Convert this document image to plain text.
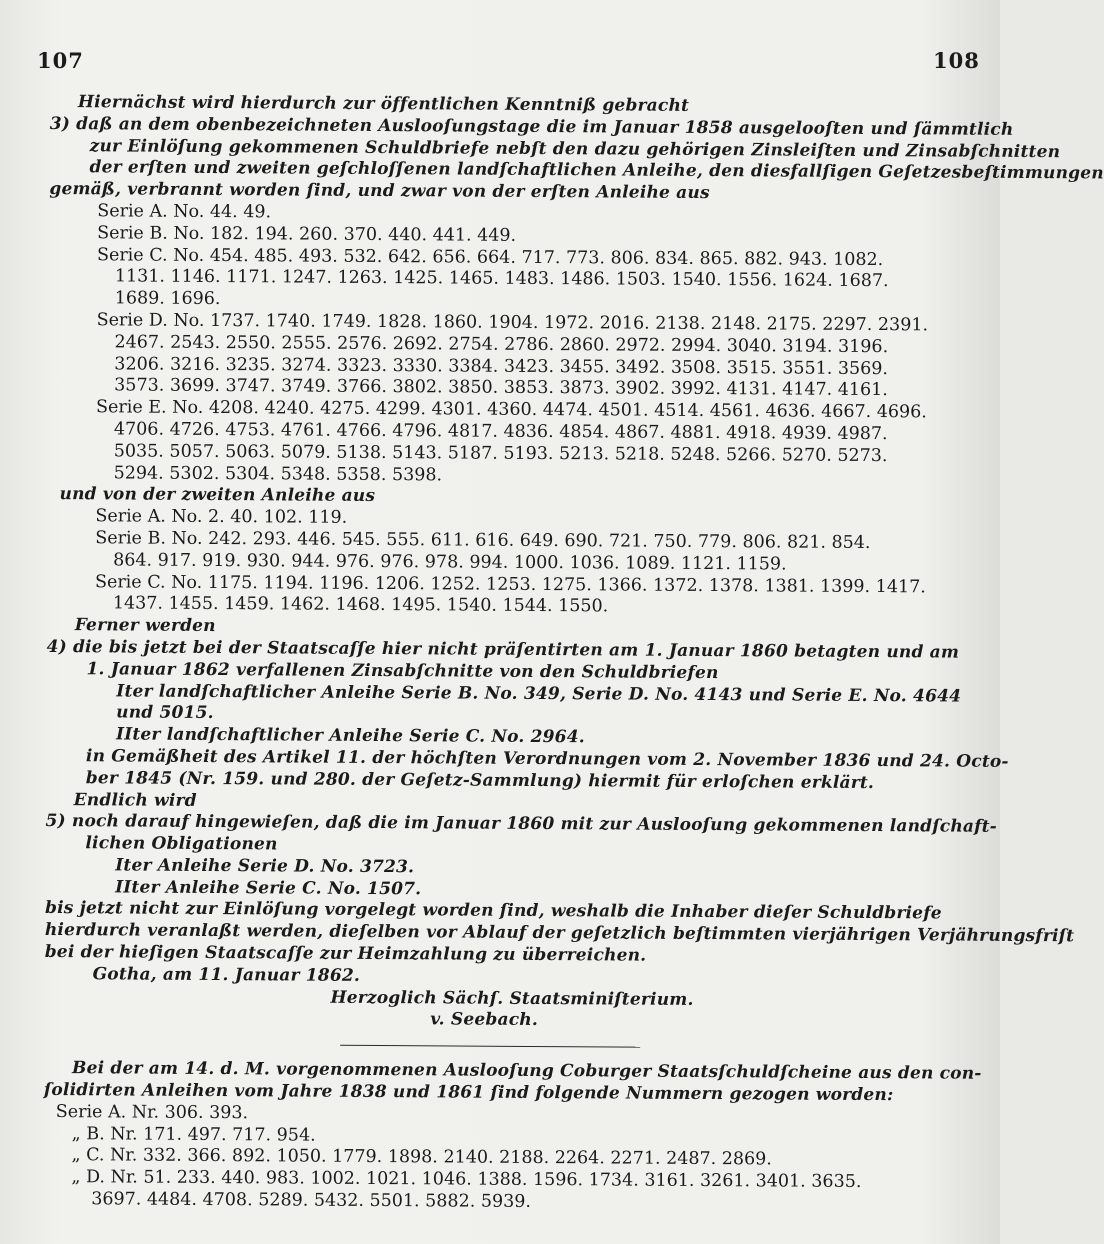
107	108
Hiernächst wird hierdurch zur öffentlichen Kenntniß gebracht
3) daß an dem obenbezeichneten Auslooſungstage die im Januar 1858 ausgelooſten und ſämmtlich
zur Einlöſung gekommenen Schuldbriefe nebſt den dazu gehörigen Zinsleiſten und Zinsabſchnitten
der erſten und zweiten geſchloſſenen landſchaftlichen Anleihe, den diesfallſigen Geſetzesbeſtimmungen
gemäß, verbrannt worden ſind, und zwar von der erſten Anleihe aus
Serie A. No. 44. 49.
Serie B. No. 182. 194. 260. 370. 440. 441. 449.
Serie C. No. 454. 485. 493. 532. 642. 656. 664. 717. 773. 806. 834. 865. 882. 943. 1082.
1131. 1146. 1171. 1247. 1263. 1425. 1465. 1483. 1486. 1503. 1540. 1556. 1624. 1687.
1689. 1696.
Serie D. No. 1737. 1740. 1749. 1828. 1860. 1904. 1972. 2016. 2138. 2148. 2175. 2297. 2391.
2467. 2543. 2550. 2555. 2576. 2692. 2754. 2786. 2860. 2972. 2994. 3040. 3194. 3196.
3206. 3216. 3235. 3274. 3323. 3330. 3384. 3423. 3455. 3492. 3508. 3515. 3551. 3569.
3573. 3699. 3747. 3749. 3766. 3802. 3850. 3853. 3873. 3902. 3992. 4131. 4147. 4161.
Serie E. No. 4208. 4240. 4275. 4299. 4301. 4360. 4474. 4501. 4514. 4561. 4636. 4667. 4696.
4706. 4726. 4753. 4761. 4766. 4796. 4817. 4836. 4854. 4867. 4881. 4918. 4939. 4987.
5035. 5057. 5063. 5079. 5138. 5143. 5187. 5193. 5213. 5218. 5248. 5266. 5270. 5273.
5294. 5302. 5304. 5348. 5358. 5398.
und von der zweiten Anleihe aus
Serie A. No. 2. 40. 102. 119.
Serie B. No. 242. 293. 446. 545. 555. 611. 616. 649. 690. 721. 750. 779. 806. 821. 854.
864. 917. 919. 930. 944. 976. 976. 978. 994. 1000. 1036. 1089. 1121. 1159.
Serie C. No. 1175. 1194. 1196. 1206. 1252. 1253. 1275. 1366. 1372. 1378. 1381. 1399. 1417.
1437. 1455. 1459. 1462. 1468. 1495. 1540. 1544. 1550.
Ferner werden
4) die bis jetzt bei der Staatscaſſe hier nicht präſentirten am 1. Januar 1860 betagten und am
1. Januar 1862 verfallenen Zinsabſchnitte von den Schuldbriefen
Iter landſchaftlicher Anleihe Serie B. No. 349, Serie D. No. 4143 und Serie E. No. 4644
und 5015.
IIter landſchaftlicher Anleihe Serie C. No. 2964.
in Gemäßheit des Artikel 11. der höchſten Verordnungen vom 2. November 1836 und 24. Octo-
ber 1845 (Nr. 159. und 280. der Geſetz-Sammlung) hiermit für erloſchen erklärt.
Endlich wird
5) noch darauf hingewieſen, daß die im Januar 1860 mit zur Auslooſung gekommenen landſchaft-
lichen Obligationen
Iter Anleihe Serie D. No. 3723.
IIter Anleihe Serie C. No. 1507.
bis jetzt nicht zur Einlöſung vorgelegt worden ſind, weshalb die Inhaber dieſer Schuldbriefe
hierdurch veranlaßt werden, dieſelben vor Ablauf der geſetzlich beſtimmten vierjährigen Verjährungsfriſt
bei der hieſigen Staatscaſſe zur Heimzahlung zu überreichen.
Gotha, am 11. Januar 1862.
Herzoglich Sächſ. Staatsminiſterium.
v. Seebach.
Bei der am 14. d. M. vorgenommenen Auslooſung Coburger Staatsſchuldſcheine aus den con-
ſolidirten Anleihen vom Jahre 1838 und 1861 ſind folgende Nummern gezogen worden:
Serie A. Nr. 306. 393.
„ B. Nr. 171. 497. 717. 954.
„ C. Nr. 332. 366. 892. 1050. 1779. 1898. 2140. 2188. 2264. 2271. 2487. 2869.
„ D. Nr. 51. 233. 440. 983. 1002. 1021. 1046. 1388. 1596. 1734. 3161. 3261. 3401. 3635.
3697. 4484. 4708. 5289. 5432. 5501. 5882. 5939.
